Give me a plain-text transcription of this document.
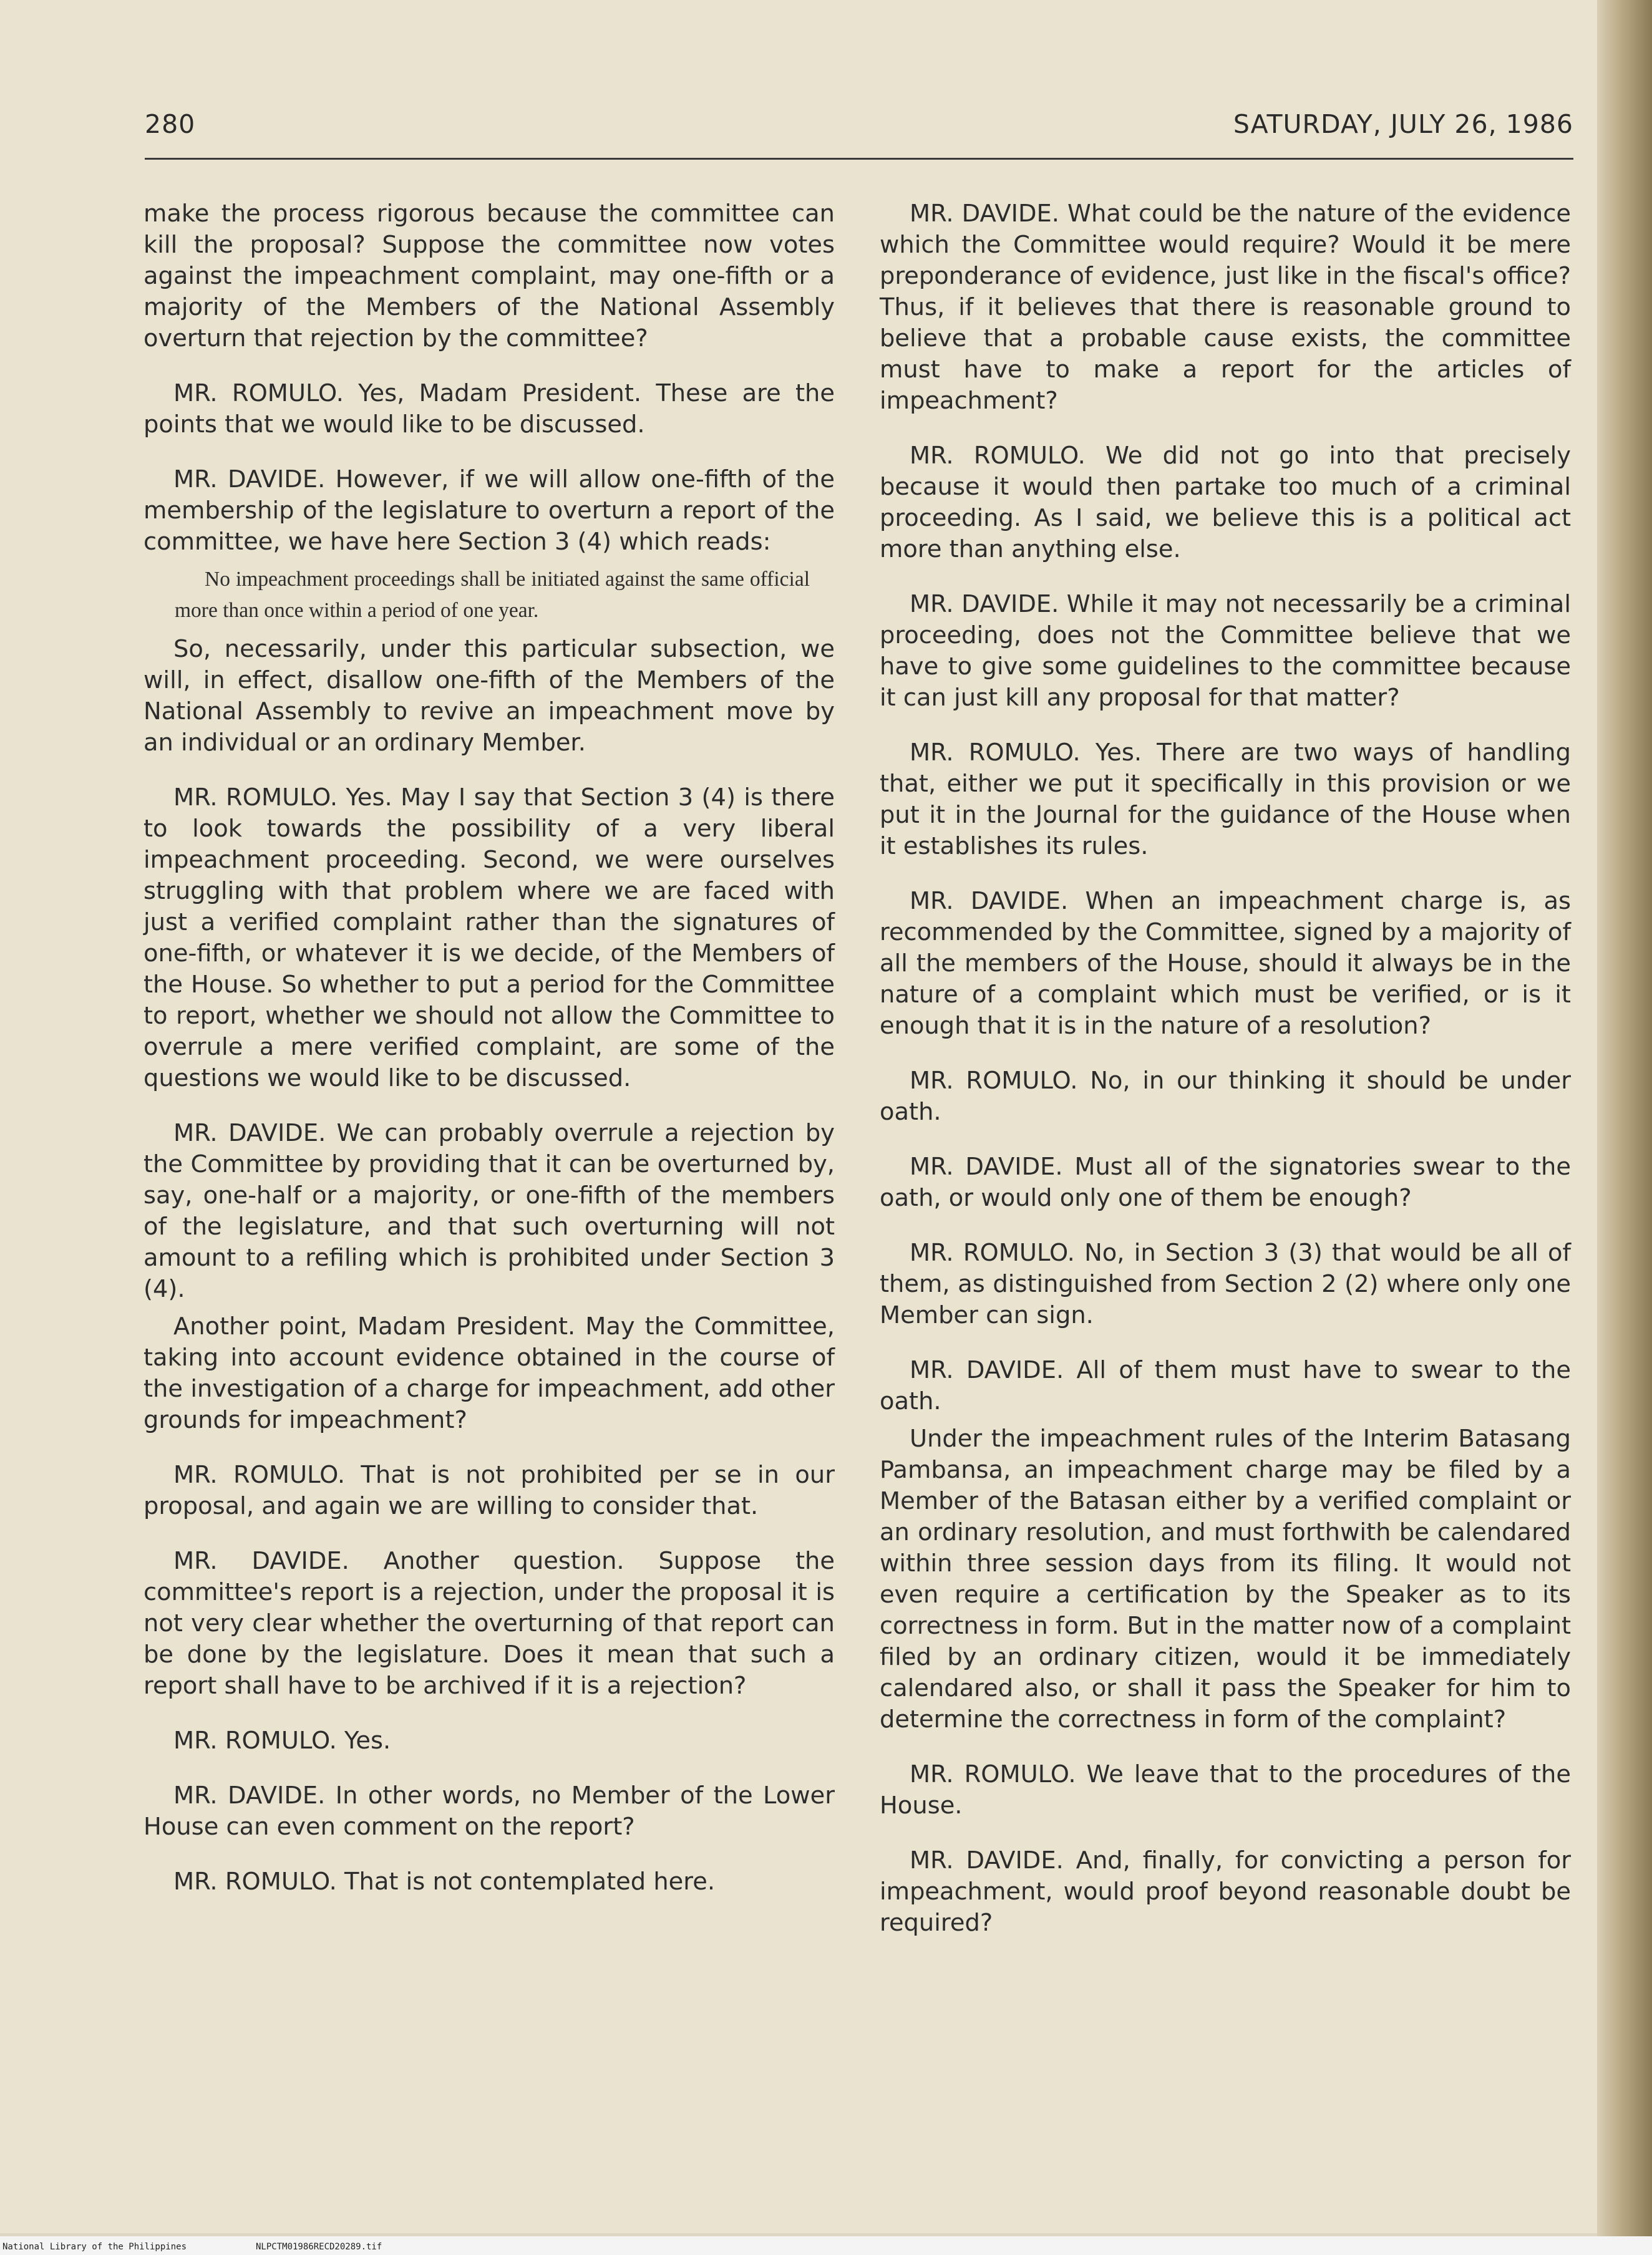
280	SATURDAY, JULY 26, 1986

make the process rigorous because the committee can kill the proposal? Suppose the committee now votes against the impeachment complaint, may one-fifth or a majority of the Members of the National Assembly overturn that rejection by the committee?

MR. ROMULO. Yes, Madam President. These are the points that we would like to be discussed.

MR. DAVIDE. However, if we will allow one-fifth of the membership of the legislature to overturn a report of the committee, we have here Section 3 (4) which reads:

No impeachment proceedings shall be initiated against the same official more than once within a period of one year.

So, necessarily, under this particular subsection, we will, in effect, disallow one-fifth of the Members of the National Assembly to revive an impeachment move by an individual or an ordinary Member.

MR. ROMULO. Yes. May I say that Section 3 (4) is there to look towards the possibility of a very liberal impeachment proceeding. Second, we were ourselves struggling with that problem where we are faced with just a verified complaint rather than the signatures of one-fifth, or whatever it is we decide, of the Members of the House. So whether to put a period for the Committee to report, whether we should not allow the Committee to overrule a mere verified complaint, are some of the questions we would like to be discussed.

MR. DAVIDE. We can probably overrule a rejection by the Committee by providing that it can be overturned by, say, one-half or a majority, or one-fifth of the members of the legislature, and that such overturning will not amount to a refiling which is prohibited under Section 3 (4).

Another point, Madam President. May the Committee, taking into account evidence obtained in the course of the investigation of a charge for impeachment, add other grounds for impeachment?

MR. ROMULO. That is not prohibited per se in our proposal, and again we are willing to consider that.

MR. DAVIDE. Another question. Suppose the committee's report is a rejection, under the proposal it is not very clear whether the overturning of that report can be done by the legislature. Does it mean that such a report shall have to be archived if it is a rejection?

MR. ROMULO. Yes.

MR. DAVIDE. In other words, no Member of the Lower House can even comment on the report?

MR. ROMULO. That is not contemplated here.

MR. DAVIDE. What could be the nature of the evidence which the Committee would require? Would it be mere preponderance of evidence, just like in the fiscal's office? Thus, if it believes that there is reasonable ground to believe that a probable cause exists, the committee must have to make a report for the articles of impeachment?

MR. ROMULO. We did not go into that precisely because it would then partake too much of a criminal proceeding. As I said, we believe this is a political act more than anything else.

MR. DAVIDE. While it may not necessarily be a criminal proceeding, does not the Committee believe that we have to give some guidelines to the committee because it can just kill any proposal for that matter?

MR. ROMULO. Yes. There are two ways of handling that, either we put it specifically in this provision or we put it in the Journal for the guidance of the House when it establishes its rules.

MR. DAVIDE. When an impeachment charge is, as recommended by the Committee, signed by a majority of all the members of the House, should it always be in the nature of a complaint which must be verified, or is it enough that it is in the nature of a resolution?

MR. ROMULO. No, in our thinking it should be under oath.

MR. DAVIDE. Must all of the signatories swear to the oath, or would only one of them be enough?

MR. ROMULO. No, in Section 3 (3) that would be all of them, as distinguished from Section 2 (2) where only one Member can sign.

MR. DAVIDE. All of them must have to swear to the oath.

Under the impeachment rules of the Interim Batasang Pambansa, an impeachment charge may be filed by a Member of the Batasan either by a verified complaint or an ordinary resolution, and must forthwith be calendared within three session days from its filing. It would not even require a certification by the Speaker as to its correctness in form. But in the matter now of a complaint filed by an ordinary citizen, would it be immediately calendared also, or shall it pass the Speaker for him to determine the correctness in form of the complaint?

MR. ROMULO. We leave that to the procedures of the House.

MR. DAVIDE. And, finally, for convicting a person for impeachment, would proof beyond reasonable doubt be required?

National Library of the Philippines	NLPCTM01986RECD20289.tif
